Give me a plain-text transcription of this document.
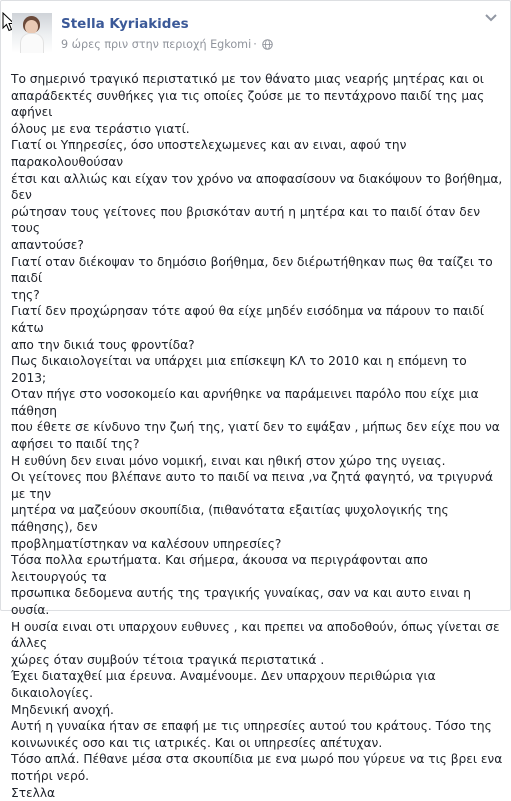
Stella Kyriakides
9 ώρες πριν στην περιοχή Egkomi ·

Το σημερινό τραγικό περιστατικό με τον θάνατο μιας νεαρής μητέρας και οι
απαράδεκτές συνθήκες για τις οποίες ζούσε με το πεντάχρονο παιδί της μας αφήνει
όλους με ενα τεράστιο γιατί.

Γιατί οι Υπηρεσίες, όσο υποστελεχωμενες και αν ειναι, αφού την παρακολουθούσαν
έτσι και αλλιώς και είχαν τον χρόνο να αποφασίσουν να διακόψουν το βοήθημα, δεν
ρώτησαν τους γείτονες που βρισκόταν αυτή η μητέρα και το παιδί όταν δεν τους
απαντούσε?

Γιατί οταν διέκοψαν το δημόσιο βοήθημα, δεν διέρωτήθηκαν πως θα ταίζει το παιδί
της?

Γιατί δεν προχώρησαν τότε αφού θα είχε μηδέν εισόδημα να πάρουν το παιδί κάτω
απο την δικιά τους φροντίδα?

Πως δικαιολογείται να υπάρχει μια επίσκεψη ΚΛ το 2010 και η επόμενη το 2013;

Οταν πήγε στο νοσοκομείο και αρνήθηκε να παράμεινει παρόλο που είχε μια πάθηση
που έθετε σε κίνδυνο την ζωή της, γιατί δεν το εψάξαν , μήπως δεν είχε που να
αφήσει το παιδί της?

Η ευθύνη δεν ειναι μόνο νομική, ειναι και ηθική στον χώρο της υγειας.

Οι γείτονες που βλέπανε αυτο το παιδί να πεινα ,να ζητά φαγητό, να τριγυρνά με την
μητέρα να μαζεύουν σκουπίδια, (πιθανότατα εξαιτίας ψυχολογικής της πάθησης), δεν
προβληματίστηκαν να καλέσουν υπηρεσίες?

Τόσα πολλα ερωτήματα. Και σήμερα, άκουσα να περιγράφονται απο λειτουργούς τα
πρσωπικα δεδομενα αυτής της τραγικής γυναίκας, σαν να και αυτο ειναι η ουσία.

Η ουσία ειναι οτι υπαρχουν ευθυνες , και πρεπει να αποδοθούν, όπως γίνεται σε άλλες
χώρες όταν συμβούν τέτοια τραγικά περιστατικά .

Έχει διαταχθεί μια έρευνα. Αναμένουμε. Δεν υπαρχουν περιθώρια για δικαιολογίες.
Μηδενική ανοχή.

Αυτή η γυναίκα ήταν σε επαφή με τις υπηρεσίες αυτού του κράτους. Τόσο της
κοινωνικές οσο και τις ιατρικές. Και οι υπηρεσίες απέτυχαν.

Τόσο απλά. Πέθανε μέσα στα σκουπίδια με ενα μωρό που γύρευε να τις βρει ενα
ποτήρι νερό.

Στελλα
